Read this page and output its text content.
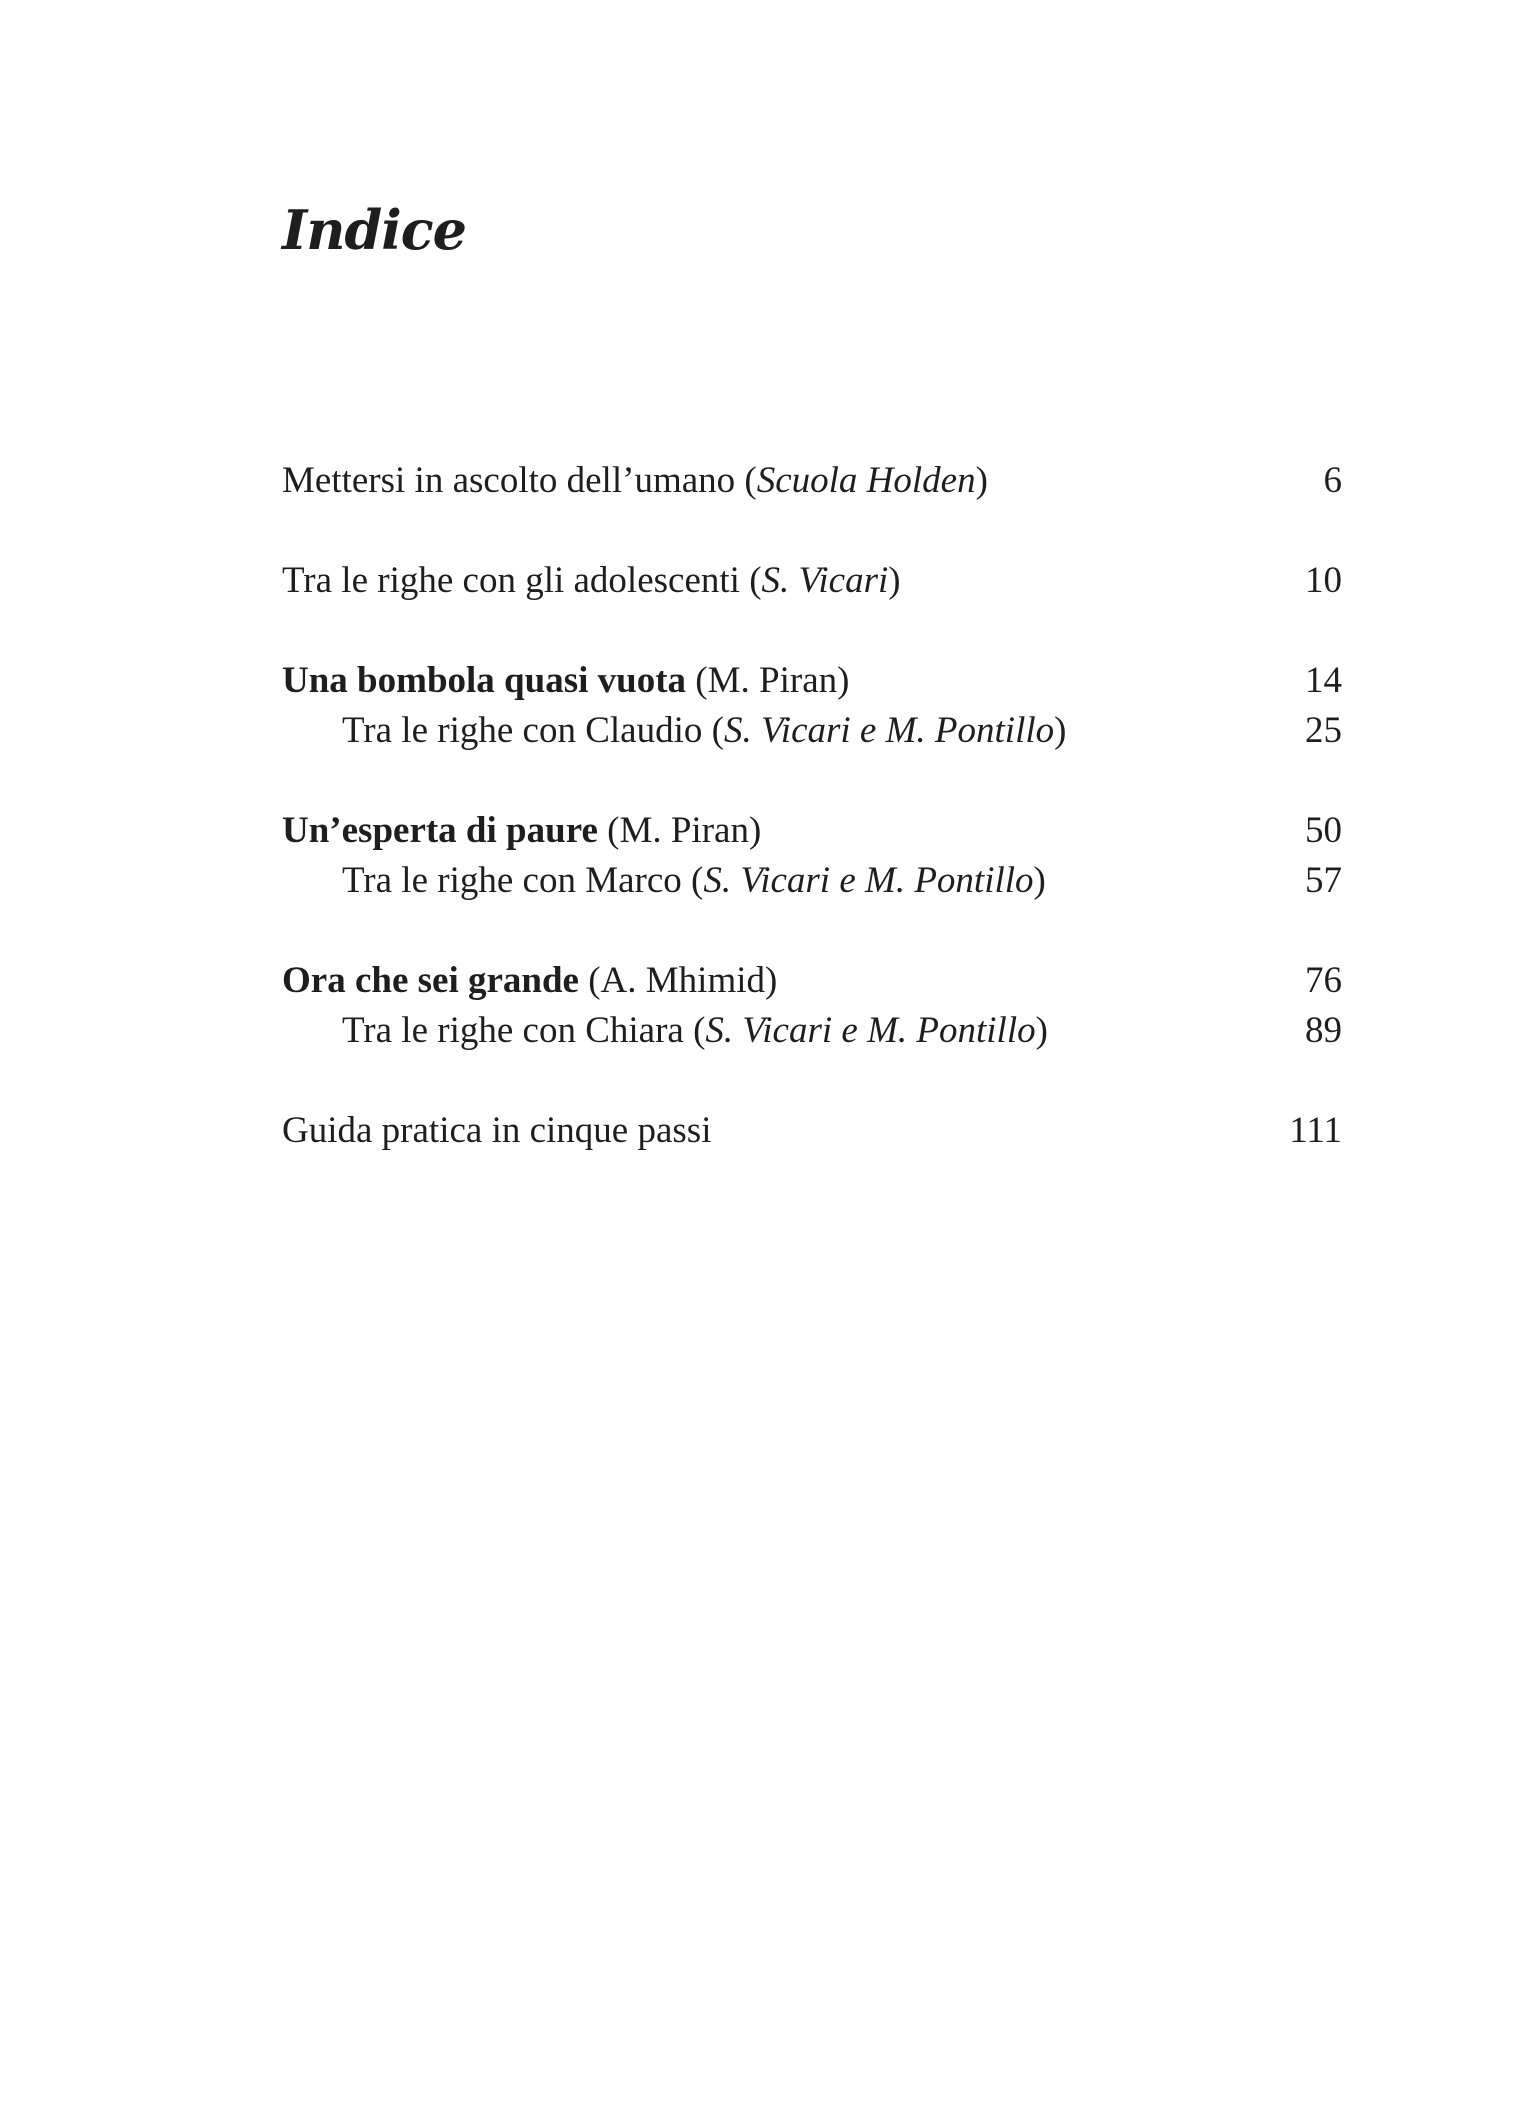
Indice
Mettersi in ascolto dell’umano (Scuola Holden)	6
Tra le righe con gli adolescenti (S. Vicari)	10
Una bombola quasi vuota (M. Piran)	14
Tra le righe con Claudio (S. Vicari e M. Pontillo)	25
Un’esperta di paure (M. Piran)	50
Tra le righe con Marco (S. Vicari e M. Pontillo)	57
Ora che sei grande (A. Mhimid)	76
Tra le righe con Chiara (S. Vicari e M. Pontillo)	89
Guida pratica in cinque passi	111
